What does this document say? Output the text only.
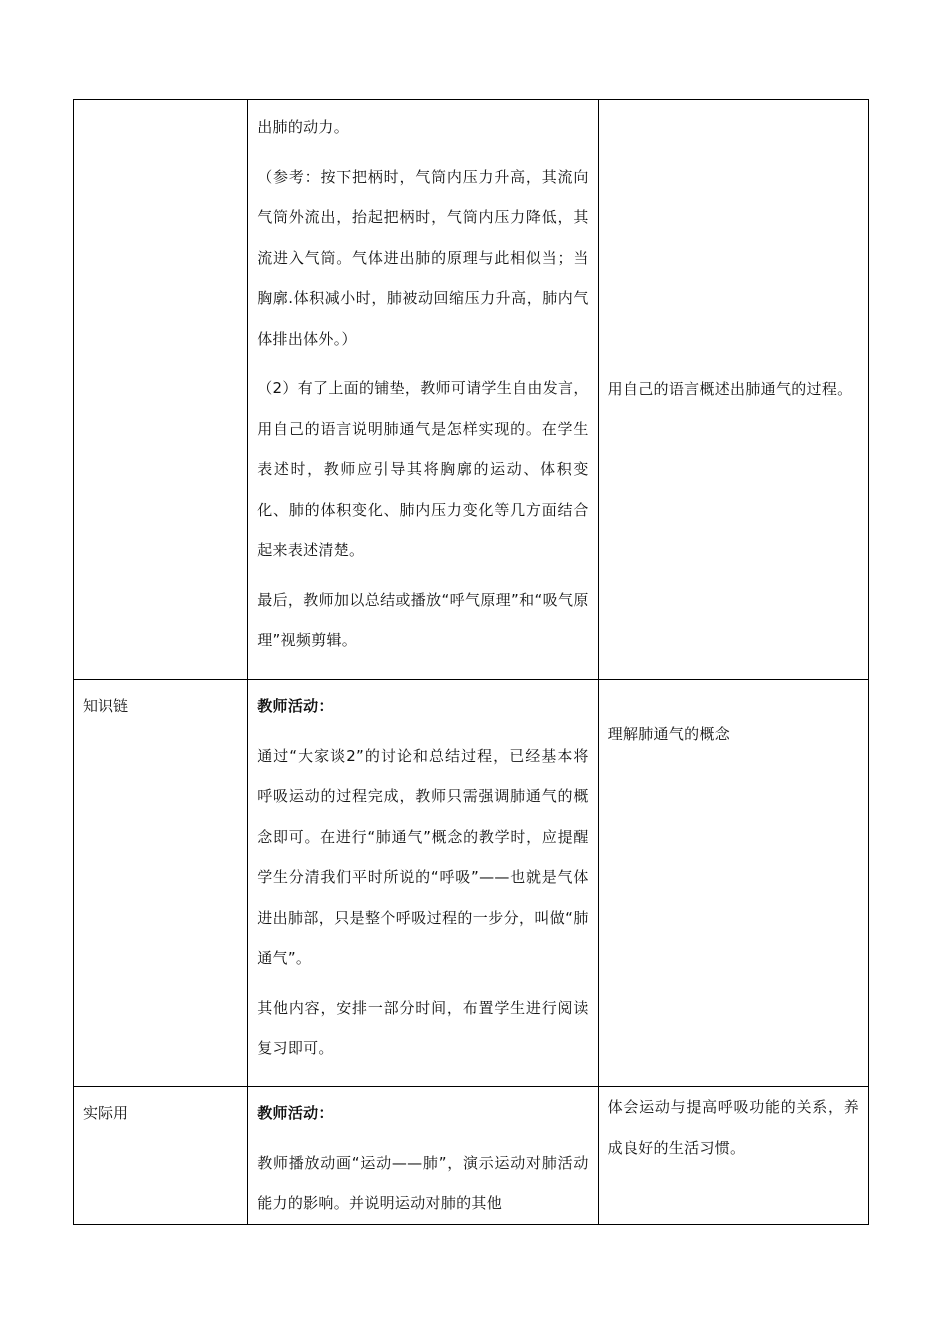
	出肺的动力。

（参考：按下把柄时，气筒内压力升高，其流向气筒外流出，抬起把柄时，气筒内压力降低，其流进入气筒。气体进出肺的原理与此相似当；当胸廓.体积减小时，肺被动回缩压力升高，肺内气体排出体外。）

（2）有了上面的铺垫，教师可请学生自由发言，用自己的语言说明肺通气是怎样实现的。在学生表述时，教师应引导其将胸廓的运动、体积变化、肺的体积变化、肺内压力变化等几方面结合起来表述清楚。

最后，教师加以总结或播放“呼气原理”和“吸气原理”视频剪辑。	用自己的语言概述出肺通气的过程。

知识链	教师活动：

通过“大家谈2”的讨论和总结过程，已经基本将呼吸运动的过程完成，教师只需强调肺通气的概念即可。在进行“肺通气”概念的教学时，应提醒学生分清我们平时所说的“呼吸”——也就是气体进出肺部，只是整个呼吸过程的一步分，叫做“肺通气”。

其他内容，安排一部分时间，布置学生进行阅读复习即可。	理解肺通气的概念

实际用	教师活动：

教师播放动画“运动——肺”，演示运动对肺活动能力的影响。并说明运动对肺的其他	体会运动与提高呼吸功能的关系，养成良好的生活习惯。
